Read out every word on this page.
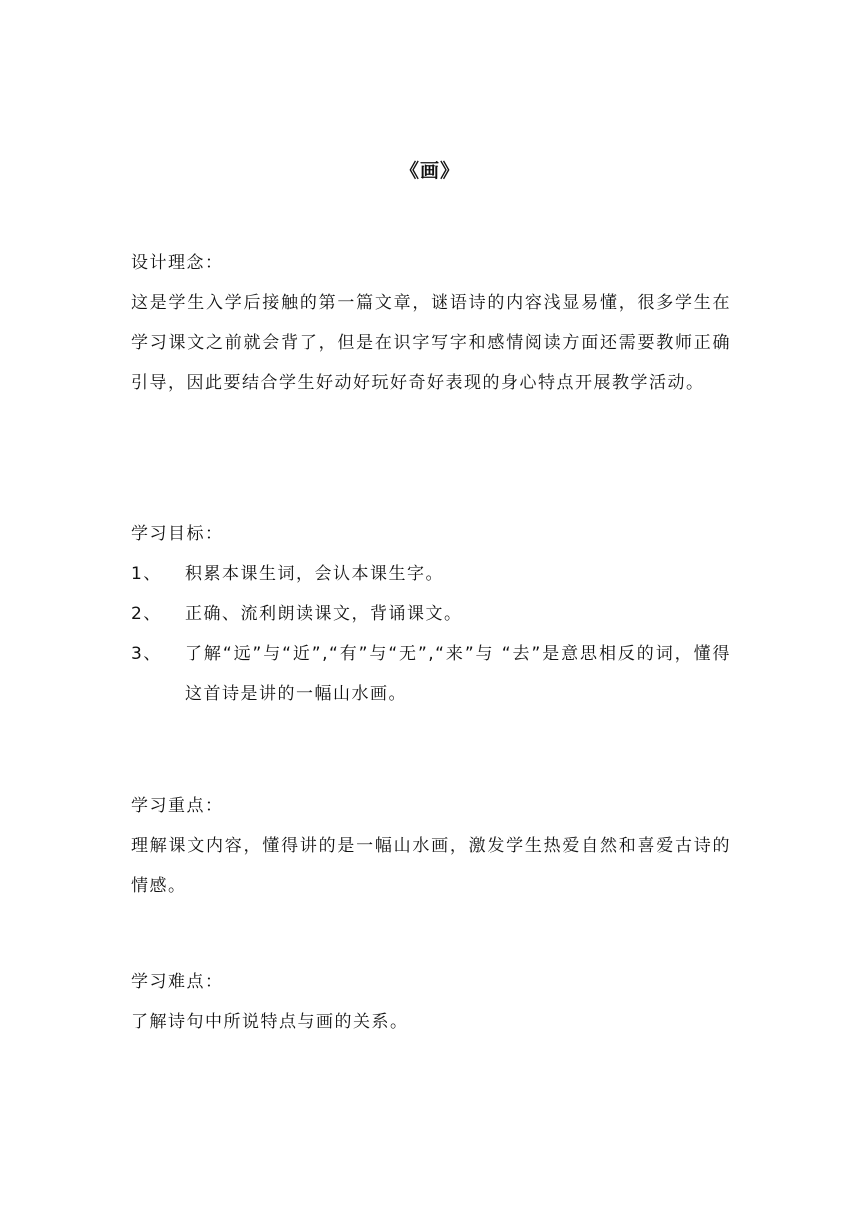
《画》
设计理念：
这是学生入学后接触的第一篇文章，谜语诗的内容浅显易懂，很多学生在学习课文之前就会背了，但是在识字写字和感情阅读方面还需要教师正确引导，因此要结合学生好动好玩好奇好表现的身心特点开展教学活动。
学习目标：
1、	积累本课生词，会认本课生字。
2、	正确、流利朗读课文，背诵课文。
3、	了解“远”与“近”,“有”与“无”,“来”与 “去”是意思相反的词，懂得这首诗是讲的一幅山水画。
学习重点：
理解课文内容，懂得讲的是一幅山水画，激发学生热爱自然和喜爱古诗的情感。
学习难点：
了解诗句中所说特点与画的关系。
